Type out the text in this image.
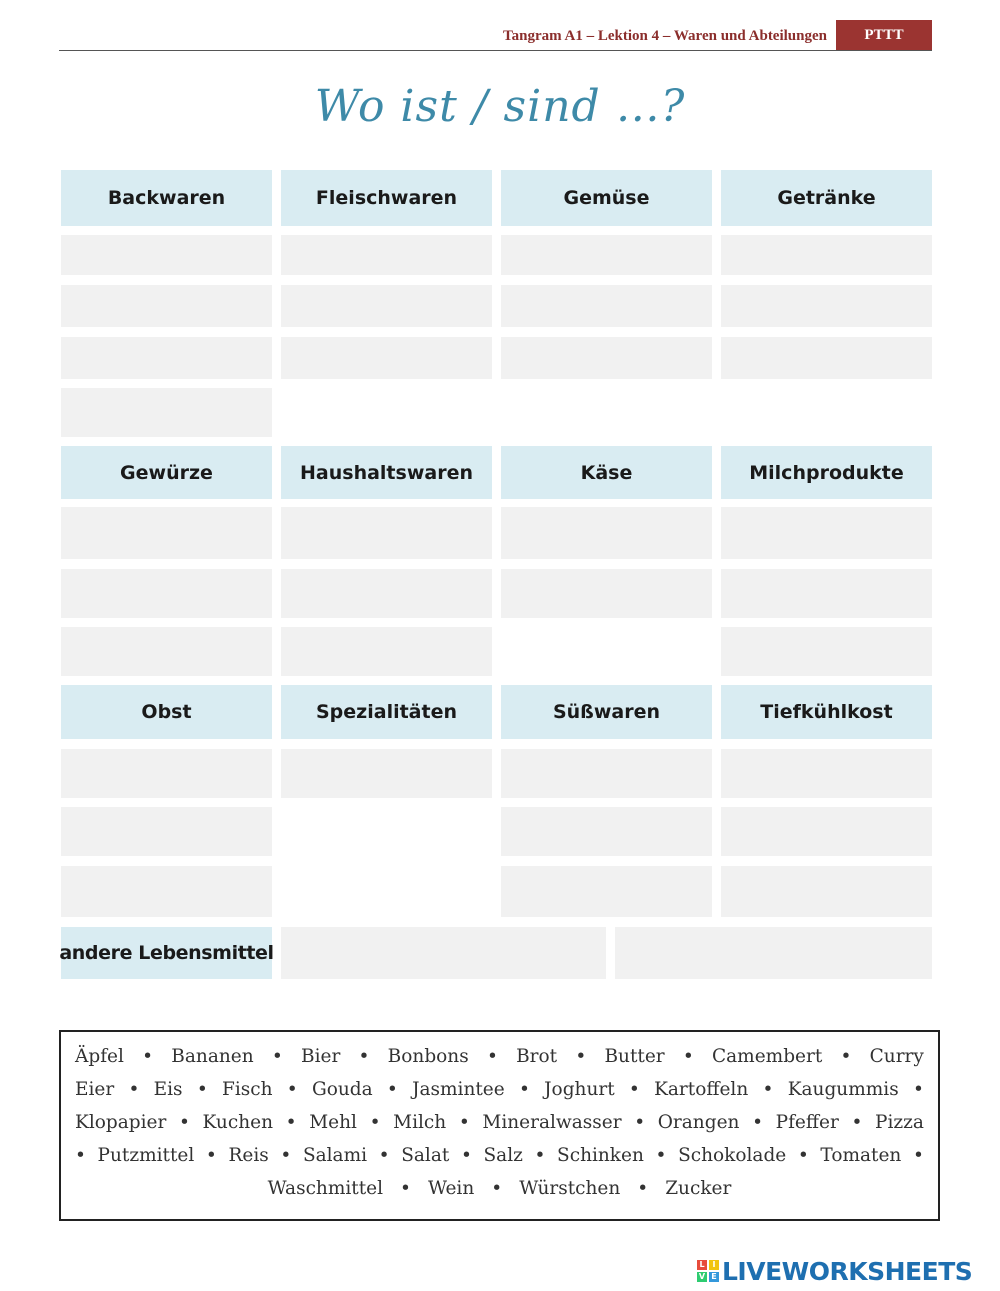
Tangram A1 – Lektion 4 – Waren und Abteilungen	PTTT
Wo ist / sind …?
Backwaren	Fleischwaren	Gemüse	Getränke
Gewürze	Haushaltswaren	Käse	Milchprodukte
Obst	Spezialitäten	Süßwaren	Tiefkühlkost
andere Lebensmittel
Äpfel • Bananen • Bier • Bonbons • Brot • Butter • Camembert • Curry
Eier • Eis • Fisch • Gouda • Jasmintee • Joghurt • Kartoffeln • Kaugummis •
Klopapier • Kuchen • Mehl • Milch • Mineralwasser • Orangen • Pfeffer • Pizza
• Putzmittel • Reis • Salami • Salat • Salz • Schinken • Schokolade • Tomaten •
Waschmittel • Wein • Würstchen • Zucker
L I
V E LIVEWORKSHEETS
